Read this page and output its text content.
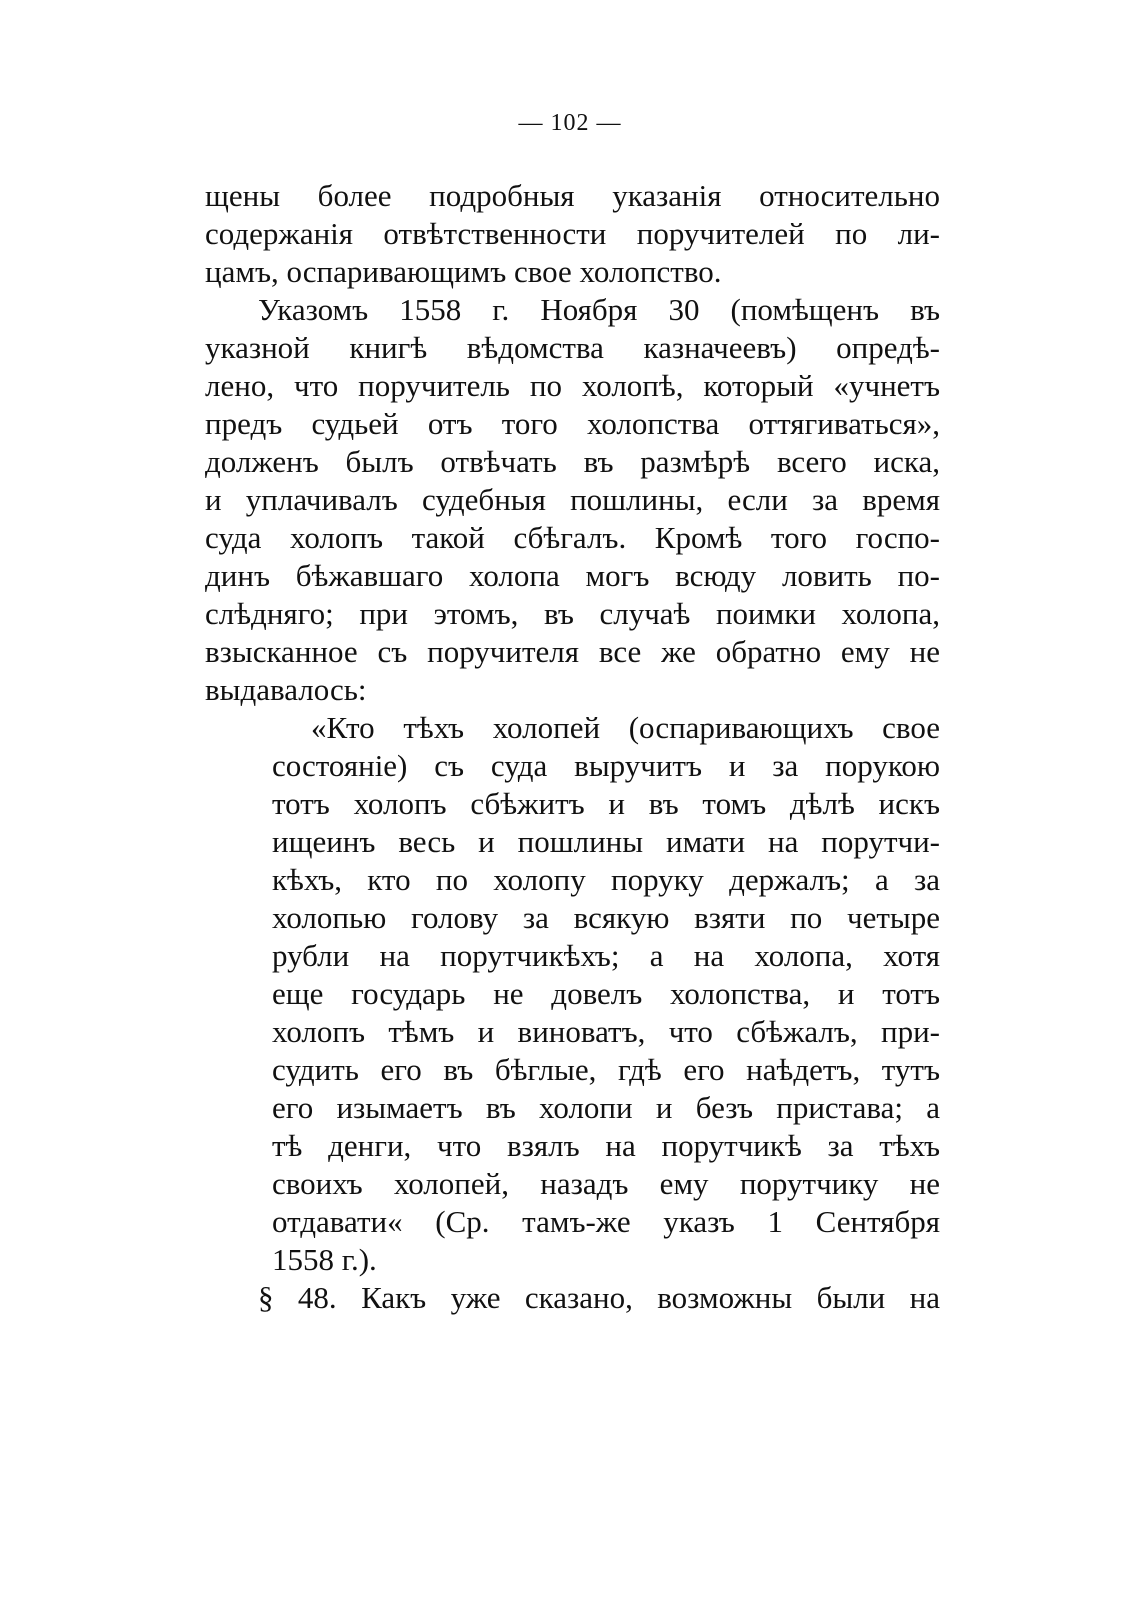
— 102 —
щены более подробныя указанія относительно
содержанія отвѣтственности поручителей по ли-
цамъ, оспаривающимъ свое холопство.
Указомъ 1558 г. Ноября 30 (помѣщенъ въ
указной книгѣ вѣдомства казначеевъ) опредѣ-
лено, что поручитель по холопѣ, который «учнетъ
предъ судьей отъ того холопства оттягиваться»,
долженъ былъ отвѣчать въ размѣрѣ всего иска,
и уплачивалъ судебныя пошлины, если за время
суда холопъ такой сбѣгалъ. Кромѣ того госпо-
динъ бѣжавшаго холопа могъ всюду ловить по-
слѣдняго; при этомъ, въ случаѣ поимки холопа,
взысканное съ поручителя все же обратно ему не
выдавалось:
«Кто тѣхъ холопей (оспаривающихъ свое
состояніе) съ суда выручитъ и за порукою
тотъ холопъ сбѣжитъ и въ томъ дѣлѣ искъ
ищеинъ весь и пошлины имати на порутчи-
кѣхъ, кто по холопу поруку держалъ; а за
холопью голову за всякую взяти по четыре
рубли на порутчикѣхъ; а на холопа, хотя
еще государь не довелъ холопства, и тотъ
холопъ тѣмъ и виноватъ, что сбѣжалъ, при-
судить его въ бѣглые, гдѣ его наѣдетъ, тутъ
его изымаетъ въ холопи и безъ пристава; а
тѣ денги, что взялъ на порутчикѣ за тѣхъ
своихъ холопей, назадъ ему порутчику не
отдавати« (Ср. тамъ-же указъ 1 Сентября
1558 г.).
§ 48. Какъ уже сказано, возможны были на
